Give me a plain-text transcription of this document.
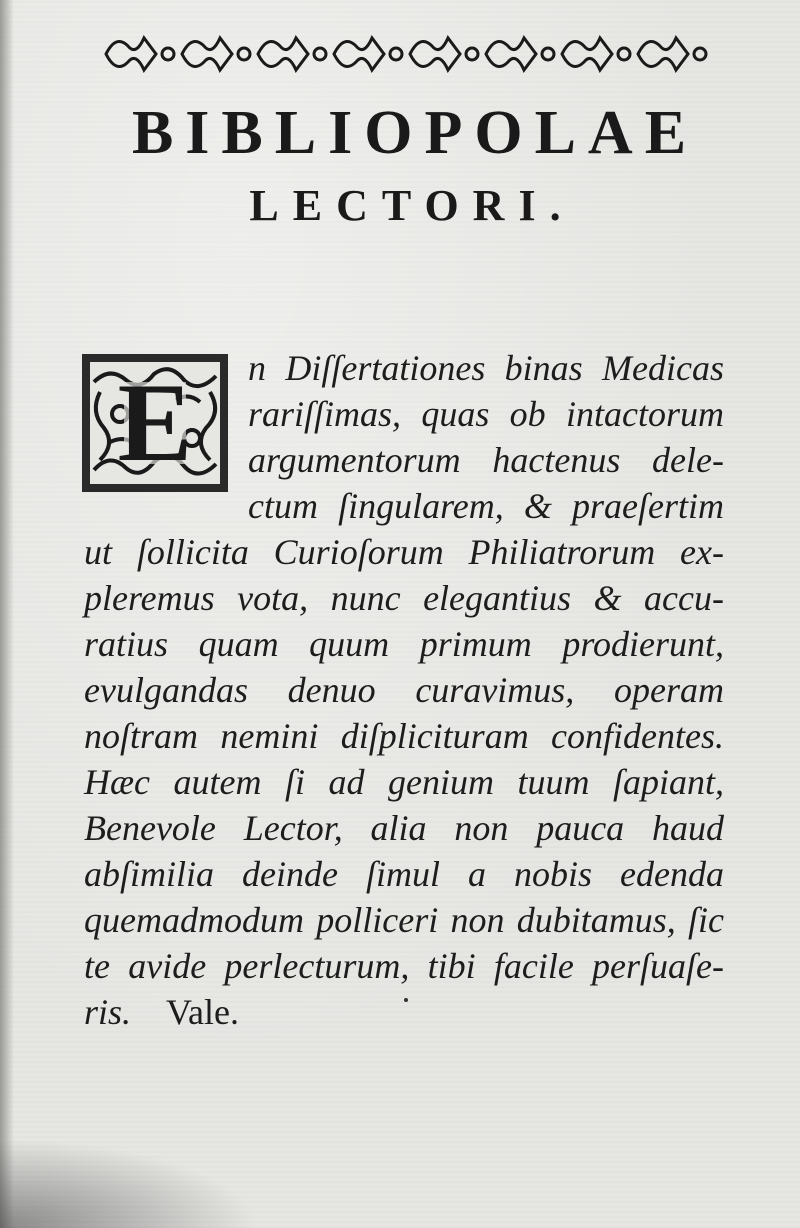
BIBLIOPOLAE
LECTORI.
E	n Diſſertationes binas Medicas
rariſſimas, quas ob intactorum
argumentorum hactenus dele-
ctum ſingularem, & praeſertim
ut ſollicita Curioſorum Philiatrorum ex-
pleremus vota, nunc elegantius & accu-
ratius quam quum primum prodierunt,
evulgandas denuo curavimus, operam
noſtram nemini diſplicituram confidentes.
Hæc autem ſi ad genium tuum ſapiant,
Benevole Lector, alia non pauca haud
abſimilia deinde ſimul a nobis edenda
quemadmodum polliceri non dubitamus, ſic
te avide perlecturum, tibi facile perſuaſe-
ris. Vale.
